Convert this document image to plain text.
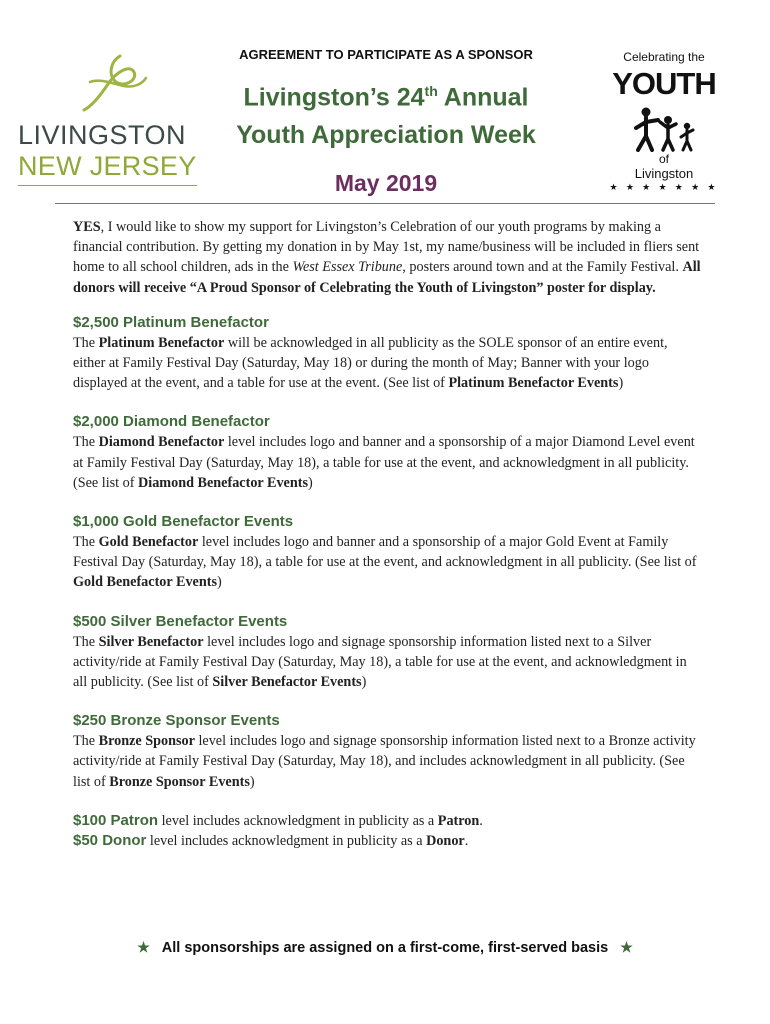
LIVINGSTON
NEW JERSEY
AGREEMENT TO PARTICIPATE AS A SPONSOR
Livingston’s 24th Annual
Youth Appreciation Week
May 2019
Celebrating the
YOUTH
of
Livingston
★ ★ ★ ★ ★ ★ ★

YES, I would like to show my support for Livingston’s Celebration of our youth programs by making a financial contribution. By getting my donation in by May 1st, my name/business will be included in fliers sent home to all school children, ads in the West Essex Tribune, posters around town and at the Family Festival. All donors will receive “A Proud Sponsor of Celebrating the Youth of Livingston” poster for display.

$2,500 Platinum Benefactor

The Platinum Benefactor will be acknowledged in all publicity as the SOLE sponsor of an entire event, either at Family Festival Day (Saturday, May 18) or during the month of May; Banner with your logo displayed at the event, and a table for use at the event. (See list of Platinum Benefactor Events)

$2,000 Diamond Benefactor

The Diamond Benefactor level includes logo and banner and a sponsorship of a major Diamond Level event at Family Festival Day (Saturday, May 18), a table for use at the event, and acknowledgment in all publicity. (See list of Diamond Benefactor Events)

$1,000 Gold Benefactor Events

The Gold Benefactor level includes logo and banner and a sponsorship of a major Gold Event at Family Festival Day (Saturday, May 18), a table for use at the event, and acknowledgment in all publicity. (See list of Gold Benefactor Events)

$500 Silver Benefactor Events

The Silver Benefactor level includes logo and signage sponsorship information listed next to a Silver activity/ride at Family Festival Day (Saturday, May 18), a table for use at the event, and acknowledgment in all publicity. (See list of Silver Benefactor Events)

$250 Bronze Sponsor Events

The Bronze Sponsor level includes logo and signage sponsorship information listed next to a Bronze activity activity/ride at Family Festival Day (Saturday, May 18), and includes acknowledgment in all publicity. (See list of Bronze Sponsor Events)

$100 Patron level includes acknowledgment in publicity as a Patron.

$50 Donor level includes acknowledgment in publicity as a Donor.

★ All sponsorships are assigned on a first-come, first-served basis ★
